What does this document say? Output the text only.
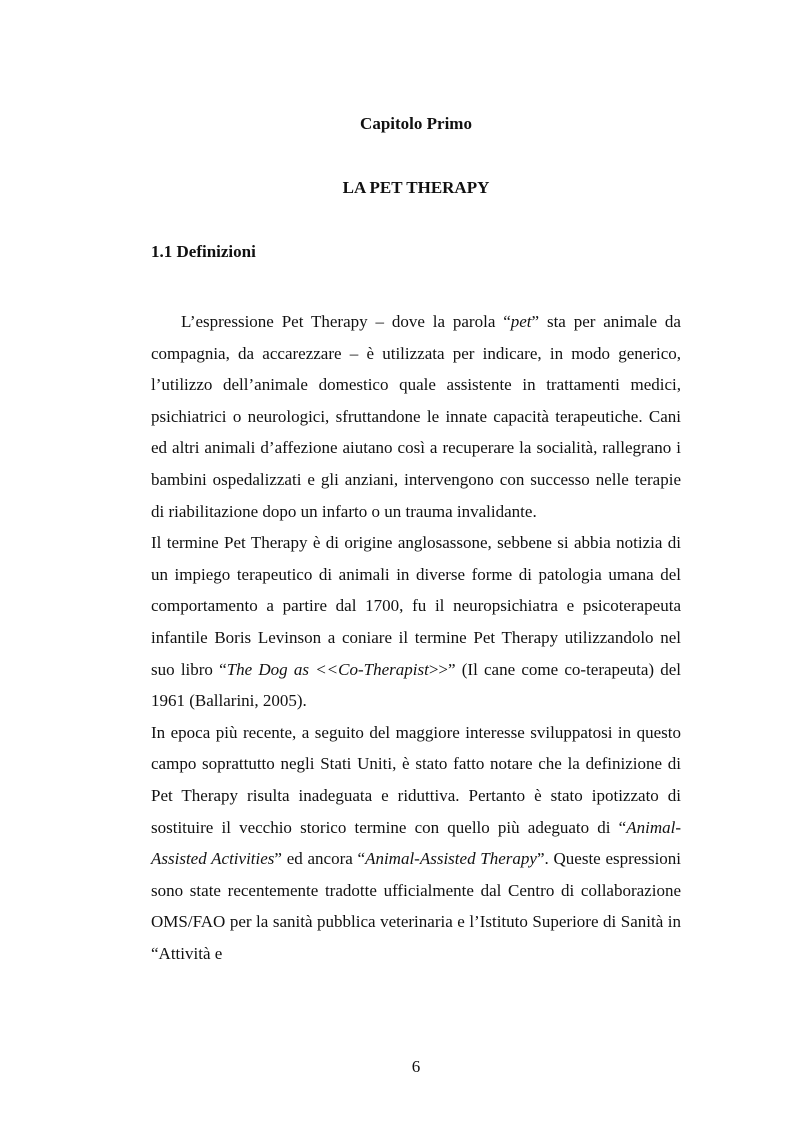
Capitolo Primo
LA PET THERAPY
1.1 Definizioni

L’espressione Pet Therapy – dove la parola “pet” sta per animale da compagnia, da accarezzare – è utilizzata per indicare, in modo generico, l’utilizzo dell’animale domestico quale assistente in trattamenti medici, psichiatrici o neurologici, sfruttandone le innate capacità terapeutiche. Cani ed altri animali d’affezione aiutano così a recuperare la socialità, rallegrano i bambini ospedalizzati e gli anziani, intervengono con successo nelle terapie di riabilitazione dopo un infarto o un trauma invalidante.

Il termine Pet Therapy è di origine anglosassone, sebbene si abbia notizia di un impiego terapeutico di animali in diverse forme di patologia umana del comportamento a partire dal 1700, fu il neuropsichiatra e psicoterapeuta infantile Boris Levinson a coniare il termine Pet Therapy utilizzandolo nel suo libro “The Dog as <<Co-Therapist>>” (Il cane come co-terapeuta) del 1961 (Ballarini, 2005).

In epoca più recente, a seguito del maggiore interesse sviluppatosi in questo campo soprattutto negli Stati Uniti, è stato fatto notare che la definizione di Pet Therapy risulta inadeguata e riduttiva. Pertanto è stato ipotizzato di sostituire il vecchio storico termine con quello più adeguato di “Animal-Assisted Activities” ed ancora “Animal-Assisted Therapy”. Queste espressioni sono state recentemente tradotte ufficialmente dal Centro di collaborazione OMS/FAO per la sanità pubblica veterinaria e l’Istituto Superiore di Sanità in “Attività e

6
